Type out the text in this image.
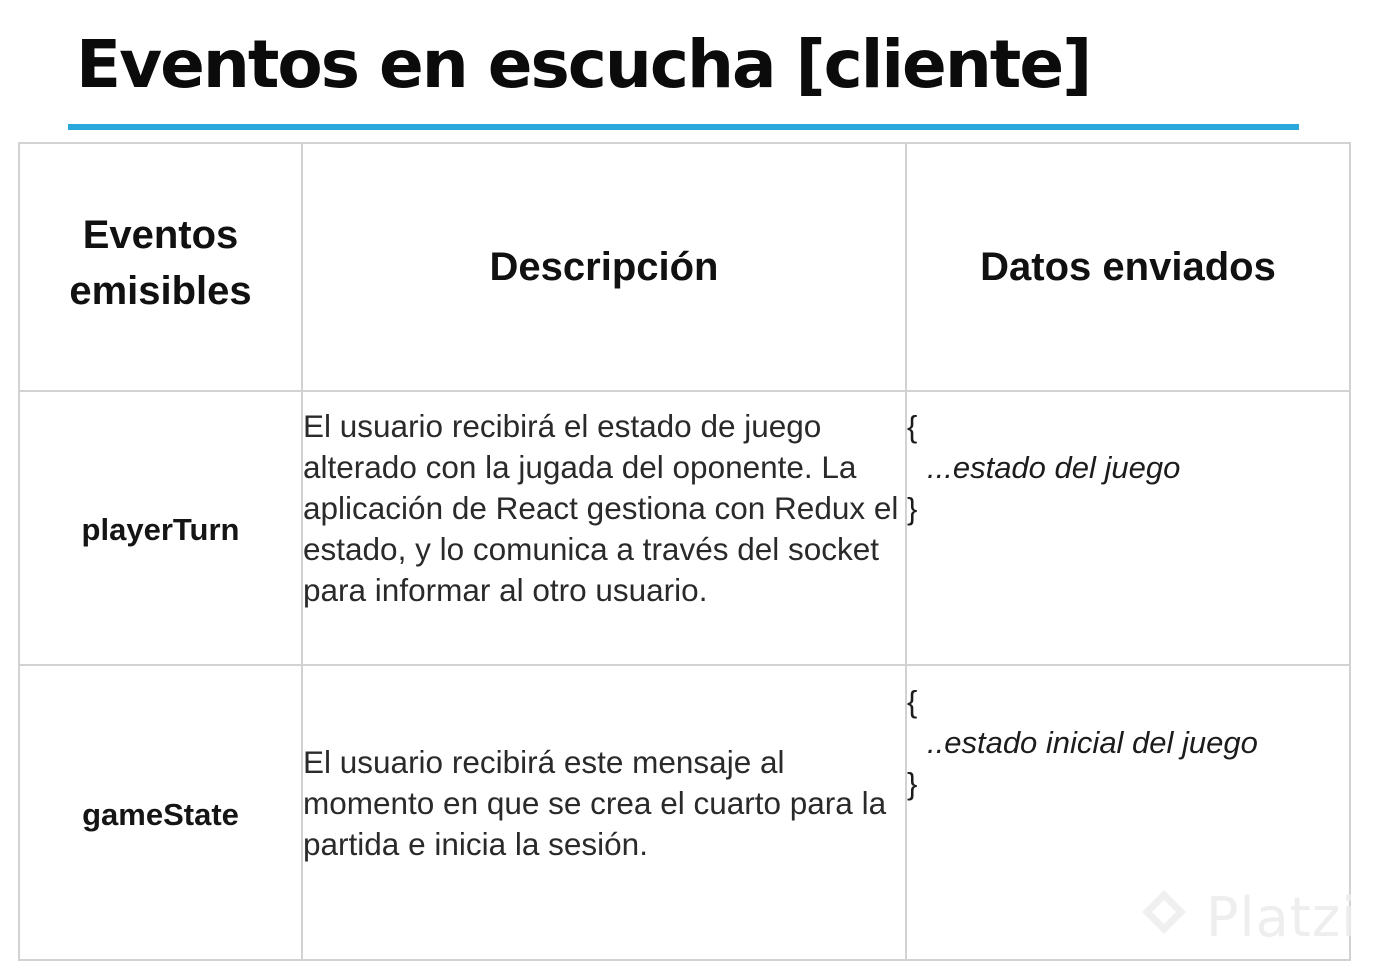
Eventos en escucha [cliente]
Eventos
emisibles	Descripción	Datos enviados
playerTurn	El usuario recibirá el estado de juego alterado con la jugada del oponente. La aplicación de React gestiona con Redux el estado, y lo comunica a través del socket para informar al otro usuario.	{
...estado del juego
}

gameState	El usuario recibirá este mensaje al momento en que se crea el cuarto para la partida e inicia la sesión.	{
..estado inicial del juego
}
Platzi
